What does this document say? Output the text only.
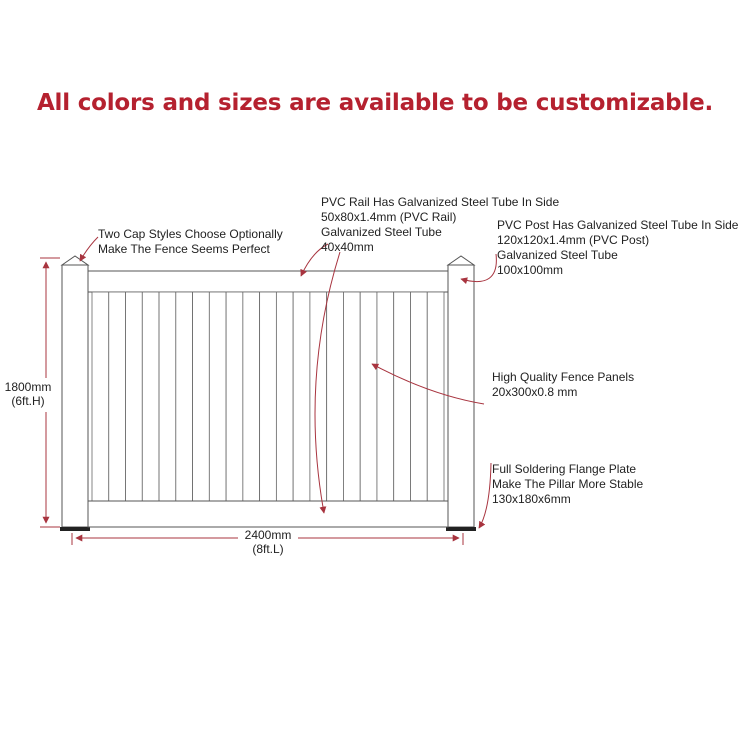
All colors and sizes are available to be customizable.
Two Cap Styles Choose Optionally
Make The Fence Seems Perfect
PVC Rail Has Galvanized Steel Tube In Side
50x80x1.4mm (PVC Rail)
Galvanized Steel Tube
40x40mm
PVC Post Has Galvanized Steel Tube In Side
120x120x1.4mm (PVC Post)
Galvanized Steel Tube
100x100mm
High Quality Fence Panels
20x300x0.8 mm
Full Soldering Flange Plate
Make The Pillar More Stable
130x180x6mm
1800mm
(6ft.H)
2400mm
(8ft.L)
